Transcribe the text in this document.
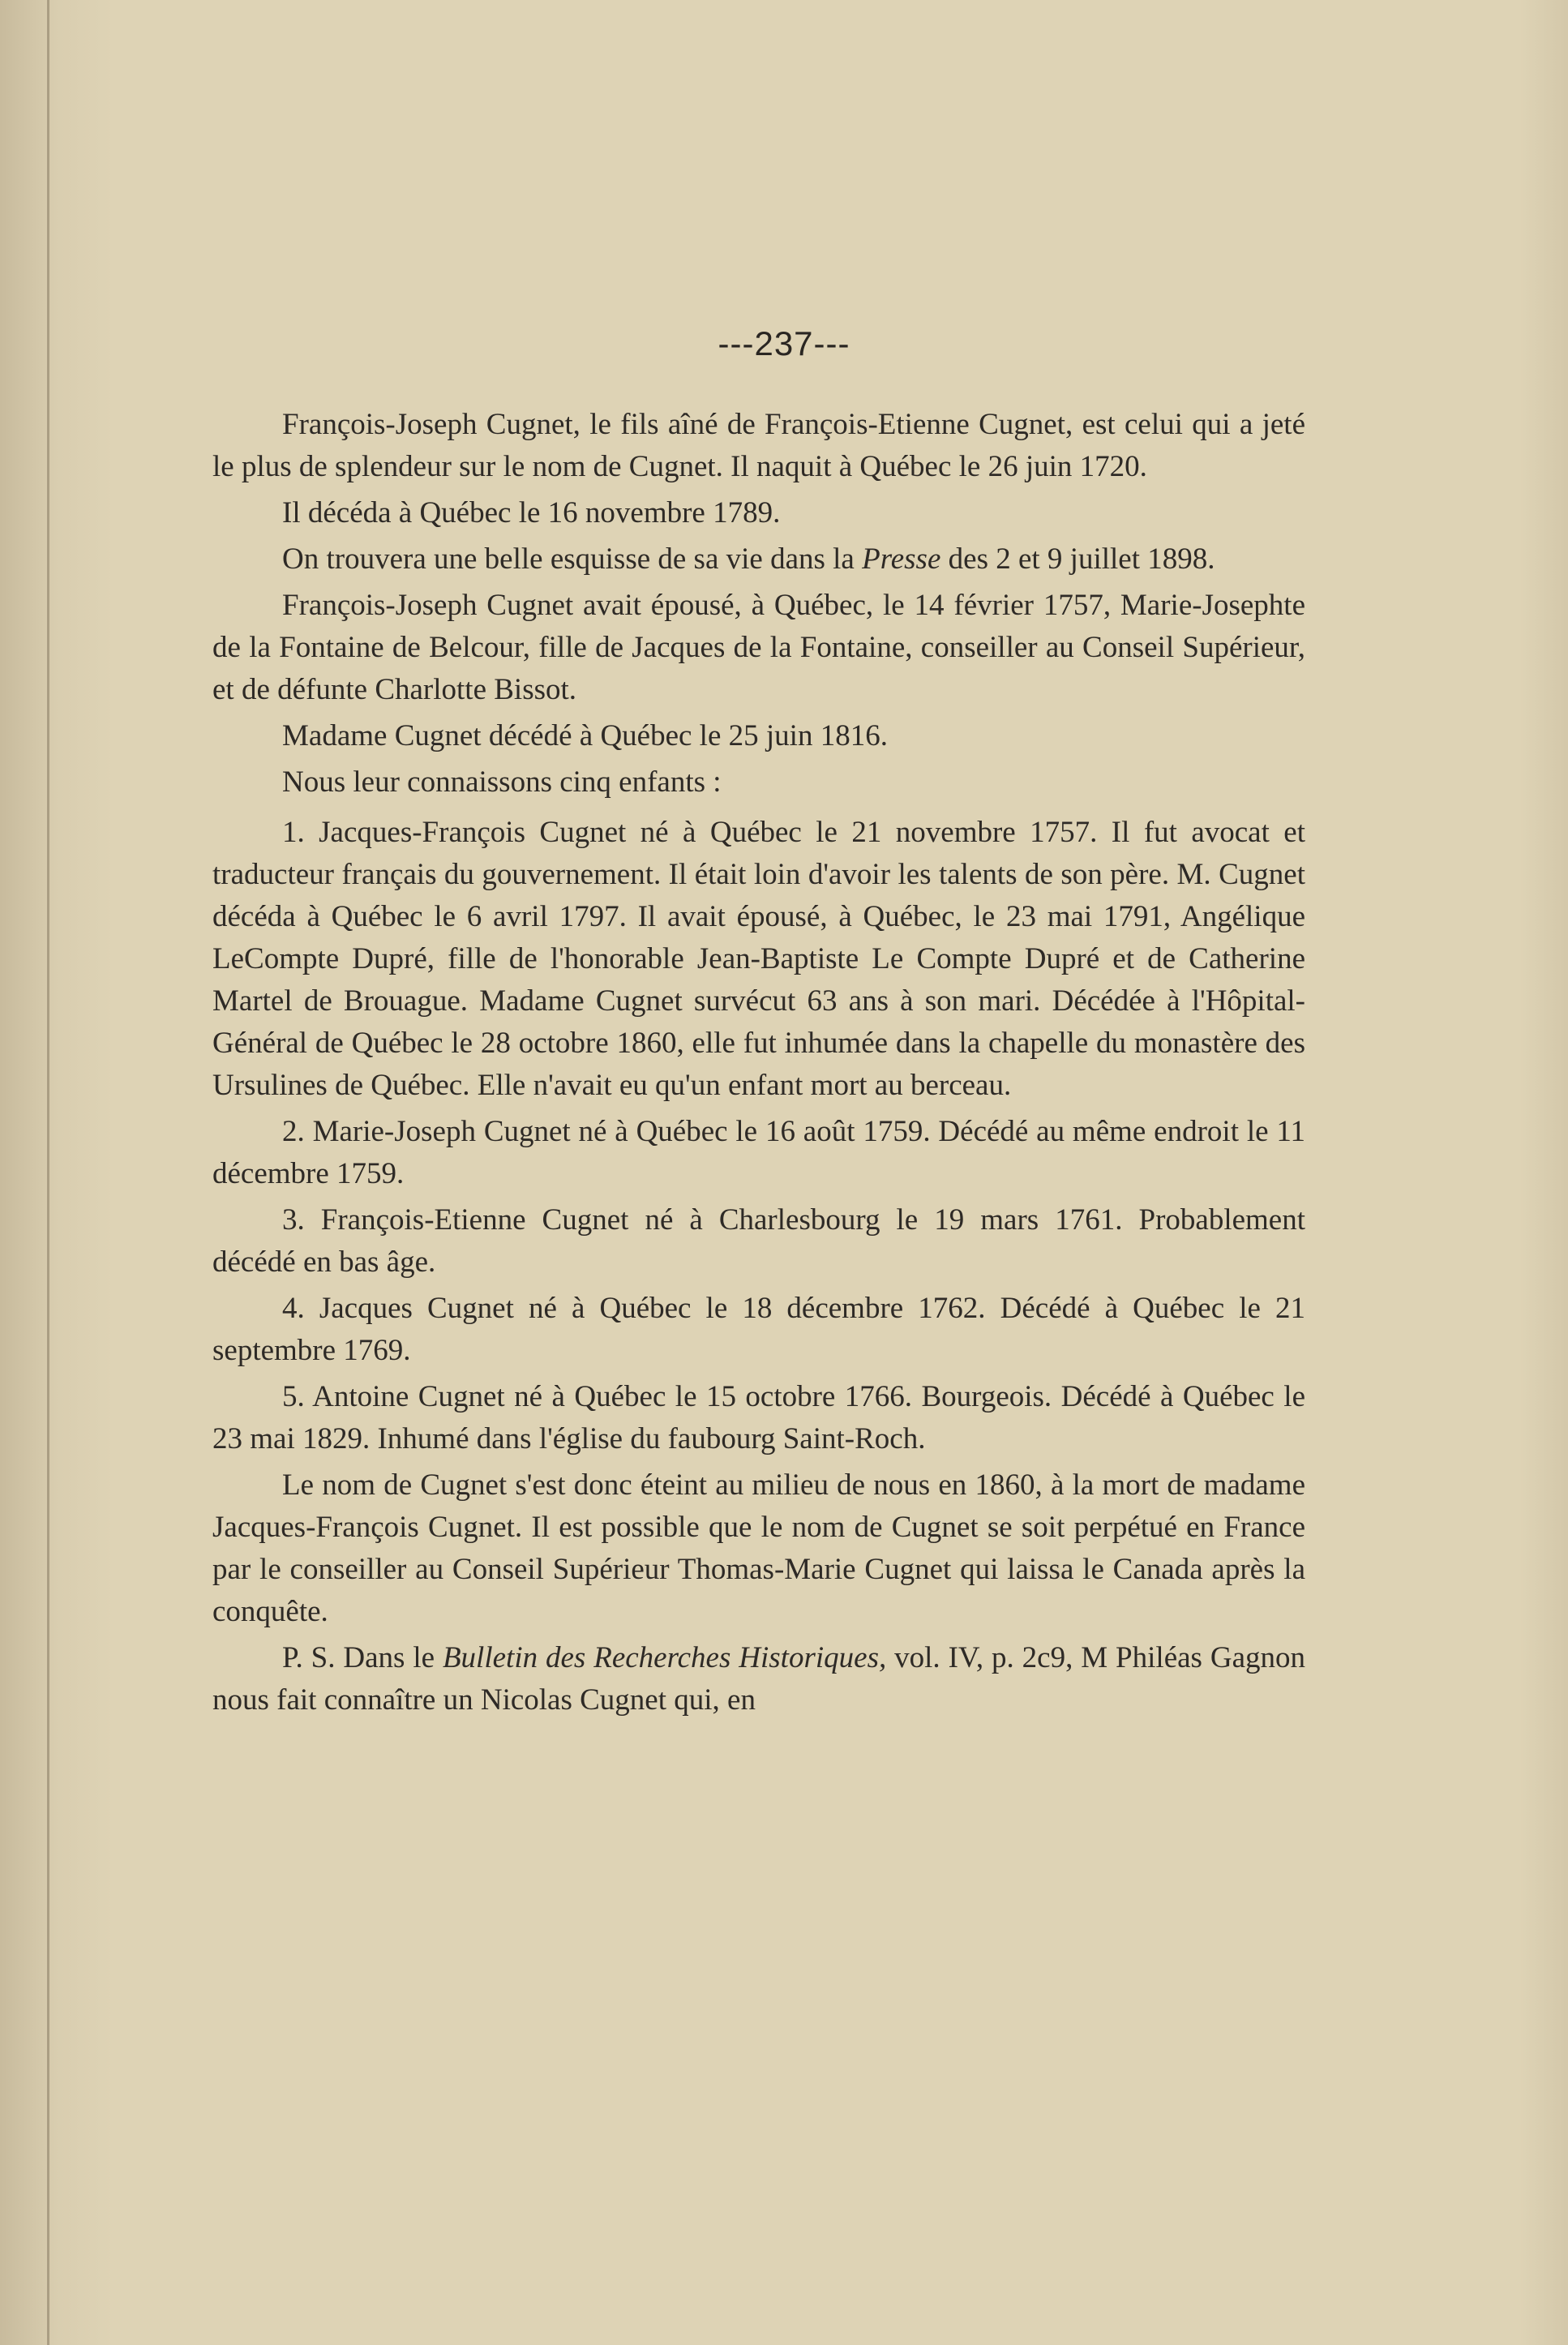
---237---

François-Joseph Cugnet, le fils aîné de François-Etienne Cugnet, est celui qui a jeté le plus de splendeur sur le nom de Cugnet. Il naquit à Québec le 26 juin 1720.

Il décéda à Québec le 16 novembre 1789.

On trouvera une belle esquisse de sa vie dans la Presse des 2 et 9 juillet 1898.

François-Joseph Cugnet avait épousé, à Québec, le 14 février 1757, Marie-Josephte de la Fontaine de Belcour, fille de Jacques de la Fontaine, conseiller au Conseil Supérieur, et de défunte Charlotte Bissot.

Madame Cugnet décédé à Québec le 25 juin 1816.

Nous leur connaissons cinq enfants :

1. Jacques-François Cugnet né à Québec le 21 novembre 1757. Il fut avocat et traducteur français du gouvernement. Il était loin d'avoir les talents de son père. M. Cugnet décéda à Québec le 6 avril 1797. Il avait épousé, à Québec, le 23 mai 1791, Angélique LeCompte Dupré, fille de l'honorable Jean-Baptiste Le Compte Dupré et de Catherine Martel de Brouague. Madame Cugnet survécut 63 ans à son mari. Décédée à l'Hôpital-Général de Québec le 28 octobre 1860, elle fut inhumée dans la chapelle du monastère des Ursulines de Québec. Elle n'avait eu qu'un enfant mort au berceau.

2. Marie-Joseph Cugnet né à Québec le 16 août 1759. Décédé au même endroit le 11 décembre 1759.

3. François-Etienne Cugnet né à Charlesbourg le 19 mars 1761. Probablement décédé en bas âge.

4. Jacques Cugnet né à Québec le 18 décembre 1762. Décédé à Québec le 21 septembre 1769.

5. Antoine Cugnet né à Québec le 15 octobre 1766. Bourgeois. Décédé à Québec le 23 mai 1829. Inhumé dans l'église du faubourg Saint-Roch.

Le nom de Cugnet s'est donc éteint au milieu de nous en 1860, à la mort de madame Jacques-François Cugnet. Il est possible que le nom de Cugnet se soit perpétué en France par le conseiller au Conseil Supérieur Thomas-Marie Cugnet qui laissa le Canada après la conquête.

P. S. Dans le Bulletin des Recherches Historiques, vol. IV, p. 2c9, M Philéas Gagnon nous fait connaître un Nicolas Cugnet qui, en
